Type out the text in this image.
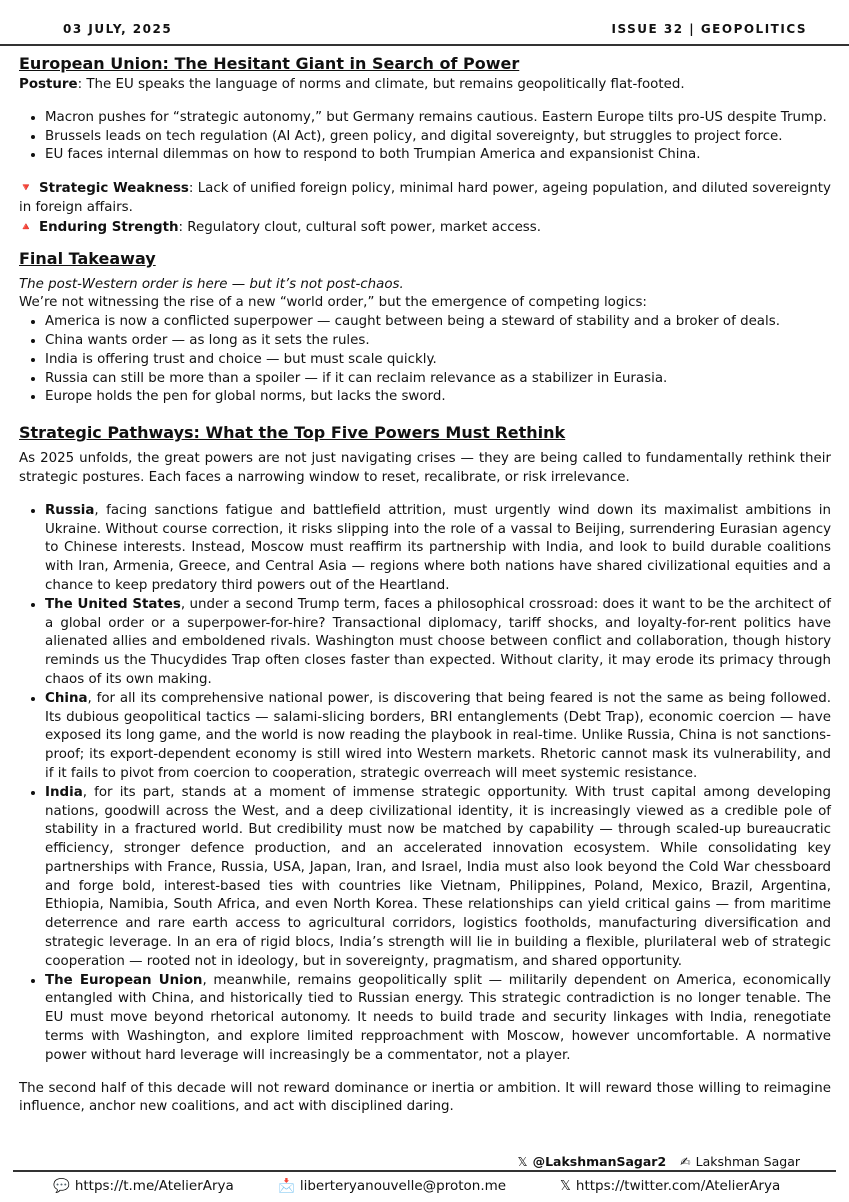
03 JULY, 2025	ISSUE 32 | GEOPOLITICS
European Union: The Hesitant Giant in Search of Power

Posture: The EU speaks the language of norms and climate, but remains geopolitically flat-footed.

• Macron pushes for “strategic autonomy,” but Germany remains cautious. Eastern Europe tilts pro-US despite Trump.
• Brussels leads on tech regulation (AI Act), green policy, and digital sovereignty, but struggles to project force.
• EU faces internal dilemmas on how to respond to both Trumpian America and expansionist China.

🔻 Strategic Weakness: Lack of unified foreign policy, minimal hard power, ageing population, and diluted sovereignty in foreign affairs.

🔺 Enduring Strength: Regulatory clout, cultural soft power, market access.

Final Takeaway

The post-Western order is here — but it’s not post-chaos.

We’re not witnessing the rise of a new “world order,” but the emergence of competing logics:

• America is now a conflicted superpower — caught between being a steward of stability and a broker of deals.
• China wants order — as long as it sets the rules.
• India is offering trust and choice — but must scale quickly.
• Russia can still be more than a spoiler — if it can reclaim relevance as a stabilizer in Eurasia.
• Europe holds the pen for global norms, but lacks the sword.
Strategic Pathways: What the Top Five Powers Must Rethink

As 2025 unfolds, the great powers are not just navigating crises — they are being called to fundamentally rethink their strategic postures. Each faces a narrowing window to reset, recalibrate, or risk irrelevance.

• Russia, facing sanctions fatigue and battlefield attrition, must urgently wind down its maximalist ambitions in Ukraine. Without course correction, it risks slipping into the role of a vassal to Beijing, surrendering Eurasian agency to Chinese interests. Instead, Moscow must reaffirm its partnership with India, and look to build durable coalitions with Iran, Armenia, Greece, and Central Asia — regions where both nations have shared civilizational equities and a chance to keep predatory third powers out of the Heartland.
• The United States, under a second Trump term, faces a philosophical crossroad: does it want to be the architect of a global order or a superpower-for-hire? Transactional diplomacy, tariff shocks, and loyalty-for-rent politics have alienated allies and emboldened rivals. Washington must choose between conflict and collaboration, though history reminds us the Thucydides Trap often closes faster than expected. Without clarity, it may erode its primacy through chaos of its own making.
• China, for all its comprehensive national power, is discovering that being feared is not the same as being followed. Its dubious geopolitical tactics — salami-slicing borders, BRI entanglements (Debt Trap), economic coercion — have exposed its long game, and the world is now reading the playbook in real-time. Unlike Russia, China is not sanctions-proof; its export-dependent economy is still wired into Western markets. Rhetoric cannot mask its vulnerability, and if it fails to pivot from coercion to cooperation, strategic overreach will meet systemic resistance.
• India, for its part, stands at a moment of immense strategic opportunity. With trust capital among developing nations, goodwill across the West, and a deep civilizational identity, it is increasingly viewed as a credible pole of stability in a fractured world. But credibility must now be matched by capability — through scaled-up bureaucratic efficiency, stronger defence production, and an accelerated innovation ecosystem. While consolidating key partnerships with France, Russia, USA, Japan, Iran, and Israel, India must also look beyond the Cold War chessboard and forge bold, interest-based ties with countries like Vietnam, Philippines, Poland, Mexico, Brazil, Argentina, Ethiopia, Namibia, South Africa, and even North Korea. These relationships can yield critical gains — from maritime deterrence and rare earth access to agricultural corridors, logistics footholds, manufacturing diversification and strategic leverage. In an era of rigid blocs, India’s strength will lie in building a flexible, plurilateral web of strategic cooperation — rooted not in ideology, but in sovereignty, pragmatism, and shared opportunity.
• The European Union, meanwhile, remains geopolitically split — militarily dependent on America, economically entangled with China, and historically tied to Russian energy. This strategic contradiction is no longer tenable. The EU must move beyond rhetorical autonomy. It needs to build trade and security linkages with India, renegotiate terms with Washington, and explore limited repproachment with Moscow, however uncomfortable. A normative power without hard leverage will increasingly be a commentator, not a player.

The second half of this decade will not reward dominance or inertia or ambition. It will reward those willing to reimagine influence, anchor new coalitions, and act with disciplined daring.

𝕏 @LakshmanSagar2 ✍ Lakshman Sagar
💬 https://t.me/AtelierArya	📩 liberteryanouvelle@proton.me	𝕏 https://twitter.com/AtelierArya
